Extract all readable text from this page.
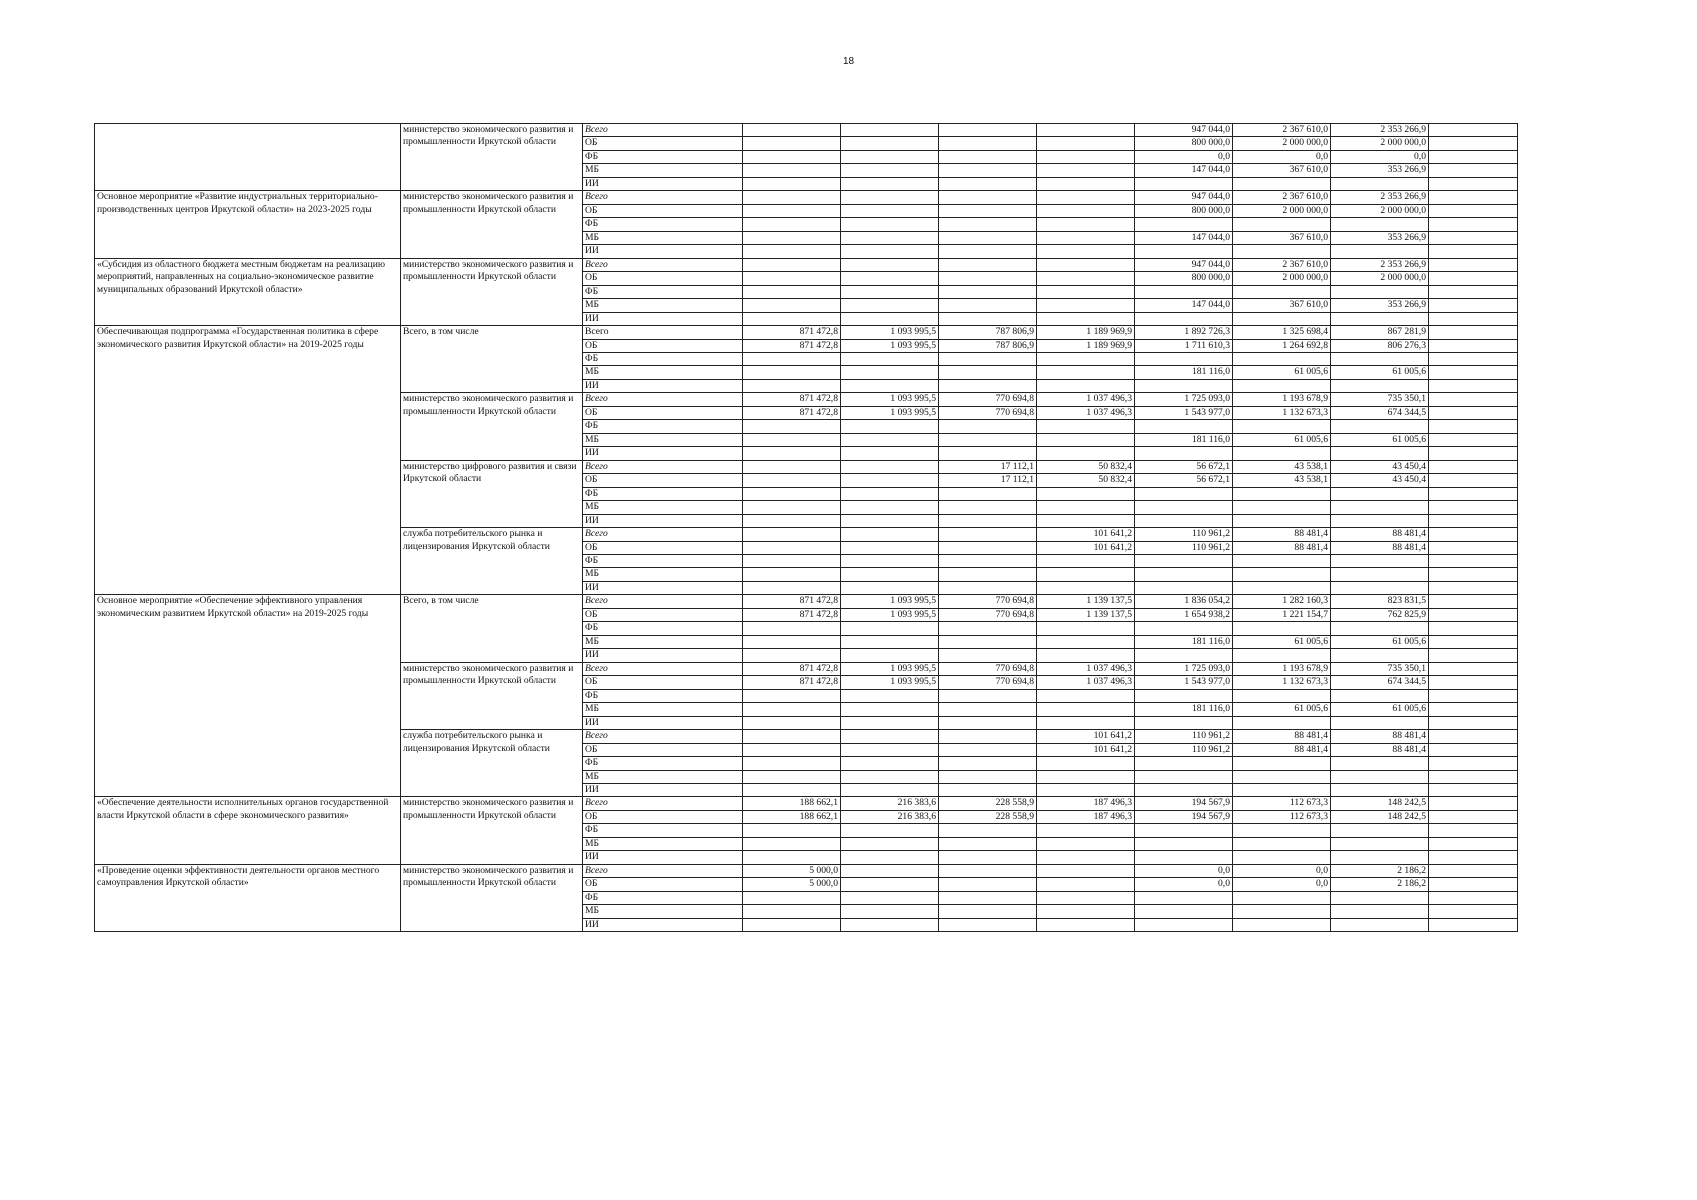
18
	министерство экономического развития и промышленности Иркутской области	Всего					947 044,0	2 367 610,0	2 353 266,9	
		ОБ					800 000,0	2 000 000,0	2 000 000,0	
		ФБ					0,0	0,0	0,0	
		МБ					147 044,0	367 610,0	353 266,9	
		ИИ								
Основное мероприятие «Развитие индустриальных территориально-производственных центров Иркутской области» на 2023-2025 годы	министерство экономического развития и промышленности Иркутской области	Всего					947 044,0	2 367 610,0	2 353 266,9	
		ОБ					800 000,0	2 000 000,0	2 000 000,0	
		ФБ								
		МБ					147 044,0	367 610,0	353 266,9	
		ИИ								
«Субсидия из областного бюджета местным бюджетам на реализацию мероприятий, направленных на социально-экономическое развитие муниципальных образований Иркутской области»	министерство экономического развития и промышленности Иркутской области	Всего					947 044,0	2 367 610,0	2 353 266,9	
		ОБ					800 000,0	2 000 000,0	2 000 000,0	
		ФБ								
		МБ					147 044,0	367 610,0	353 266,9	
		ИИ								
Обеспечивающая подпрограмма «Государственная политика в сфере экономического развития Иркутской области» на 2019-2025 годы	Всего, в том числе	Всего	871 472,8	1 093 995,5	787 806,9	1 189 969,9	1 892 726,3	1 325 698,4	867 281,9	
		ОБ	871 472,8	1 093 995,5	787 806,9	1 189 969,9	1 711 610,3	1 264 692,8	806 276,3	
		ФБ								
		МБ					181 116,0	61 005,6	61 005,6	
		ИИ								
	министерство экономического развития и промышленности Иркутской области	Всего	871 472,8	1 093 995,5	770 694,8	1 037 496,3	1 725 093,0	1 193 678,9	735 350,1	
		ОБ	871 472,8	1 093 995,5	770 694,8	1 037 496,3	1 543 977,0	1 132 673,3	674 344,5	
		ФБ								
		МБ					181 116,0	61 005,6	61 005,6	
		ИИ								
	министерство цифрового развития и связи Иркутской области	Всего			17 112,1	50 832,4	56 672,1	43 538,1	43 450,4	
		ОБ			17 112,1	50 832,4	56 672,1	43 538,1	43 450,4	
		ФБ								
		МБ								
		ИИ								
	служба потребительского рынка и лицензирования Иркутской области	Всего				101 641,2	110 961,2	88 481,4	88 481,4	
		ОБ				101 641,2	110 961,2	88 481,4	88 481,4	
		ФБ								
		МБ								
		ИИ								
Основное мероприятие «Обеспечение эффективного управления экономическим развитием Иркутской области» на 2019-2025 годы	Всего, в том числе	Всего	871 472,8	1 093 995,5	770 694,8	1 139 137,5	1 836 054,2	1 282 160,3	823 831,5	
		ОБ	871 472,8	1 093 995,5	770 694,8	1 139 137,5	1 654 938,2	1 221 154,7	762 825,9	
		ФБ								
		МБ					181 116,0	61 005,6	61 005,6	
		ИИ								
	министерство экономического развития и промышленности Иркутской области	Всего	871 472,8	1 093 995,5	770 694,8	1 037 496,3	1 725 093,0	1 193 678,9	735 350,1	
		ОБ	871 472,8	1 093 995,5	770 694,8	1 037 496,3	1 543 977,0	1 132 673,3	674 344,5	
		ФБ								
		МБ					181 116,0	61 005,6	61 005,6	
		ИИ								
	служба потребительского рынка и лицензирования Иркутской области	Всего				101 641,2	110 961,2	88 481,4	88 481,4	
		ОБ				101 641,2	110 961,2	88 481,4	88 481,4	
		ФБ								
		МБ								
		ИИ								
«Обеспечение деятельности исполнительных органов государственной власти Иркутской области в сфере экономического развития»	министерство экономического развития и промышленности Иркутской области	Всего	188 662,1	216 383,6	228 558,9	187 496,3	194 567,9	112 673,3	148 242,5	
		ОБ	188 662,1	216 383,6	228 558,9	187 496,3	194 567,9	112 673,3	148 242,5	
		ФБ								
		МБ								
		ИИ								
«Проведение оценки эффективности деятельности органов местного самоуправления Иркутской области»	министерство экономического развития и промышленности Иркутской области	Всего	5 000,0				0,0	0,0	2 186,2	
		ОБ	5 000,0				0,0	0,0	2 186,2	
		ФБ								
		МБ								
		ИИ								
